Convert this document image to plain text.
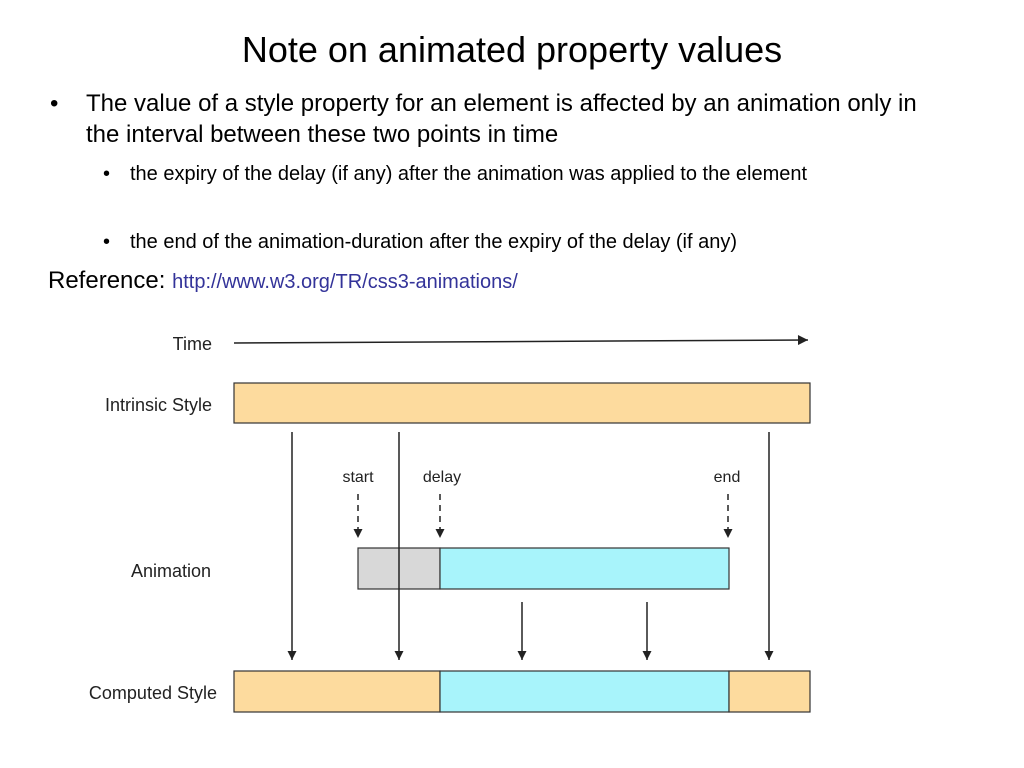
Note on animated property values
• The value of a style property for an element is affected by an animation only in the interval between these two points in time
• the expiry of the delay (if any) after the animation was applied to the element
• the end of the animation-duration after the expiry of the delay (if any)
Reference: http://www.w3.org/TR/css3-animations/
Time
Intrinsic Style
Animation
Computed Style
start	delay	end
